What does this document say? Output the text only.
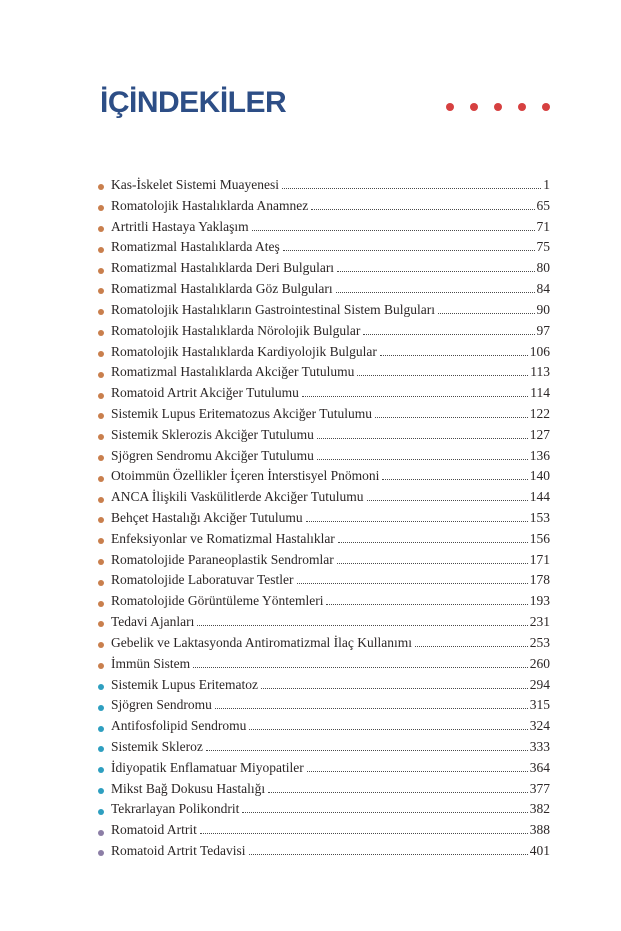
İÇİNDEKİLER
Kas-İskelet Sistemi Muayenesi	1
Romatolojik Hastalıklarda Anamnez	65
Artritli Hastaya Yaklaşım	71
Romatizmal Hastalıklarda Ateş	75
Romatizmal Hastalıklarda Deri Bulguları	80
Romatizmal Hastalıklarda Göz Bulguları	84
Romatolojik Hastalıkların Gastrointestinal Sistem Bulguları	90
Romatolojik Hastalıklarda Nörolojik Bulgular	97
Romatolojik Hastalıklarda Kardiyolojik Bulgular	106
Romatizmal Hastalıklarda Akciğer Tutulumu	113
Romatoid Artrit Akciğer Tutulumu	114
Sistemik Lupus Eritematozus Akciğer Tutulumu	122
Sistemik Sklerozis Akciğer Tutulumu	127
Sjögren Sendromu Akciğer Tutulumu	136
Otoimmün Özellikler İçeren İnterstisyel Pnömoni	140
ANCA İlişkili Vaskülitlerde Akciğer Tutulumu	144
Behçet Hastalığı Akciğer Tutulumu	153
Enfeksiyonlar ve Romatizmal Hastalıklar	156
Romatolojide Paraneoplastik Sendromlar	171
Romatolojide Laboratuvar Testler	178
Romatolojide Görüntüleme Yöntemleri	193
Tedavi Ajanları	231
Gebelik ve Laktasyonda Antiromatizmal İlaç Kullanımı	253
İmmün Sistem	260
Sistemik Lupus Eritematoz	294
Sjögren Sendromu	315
Antifosfolipid Sendromu	324
Sistemik Skleroz	333
İdiyopatik Enflamatuar Miyopatiler	364
Mikst Bağ Dokusu Hastalığı	377
Tekrarlayan Polikondrit	382
Romatoid Artrit	388
Romatoid Artrit Tedavisi	401
